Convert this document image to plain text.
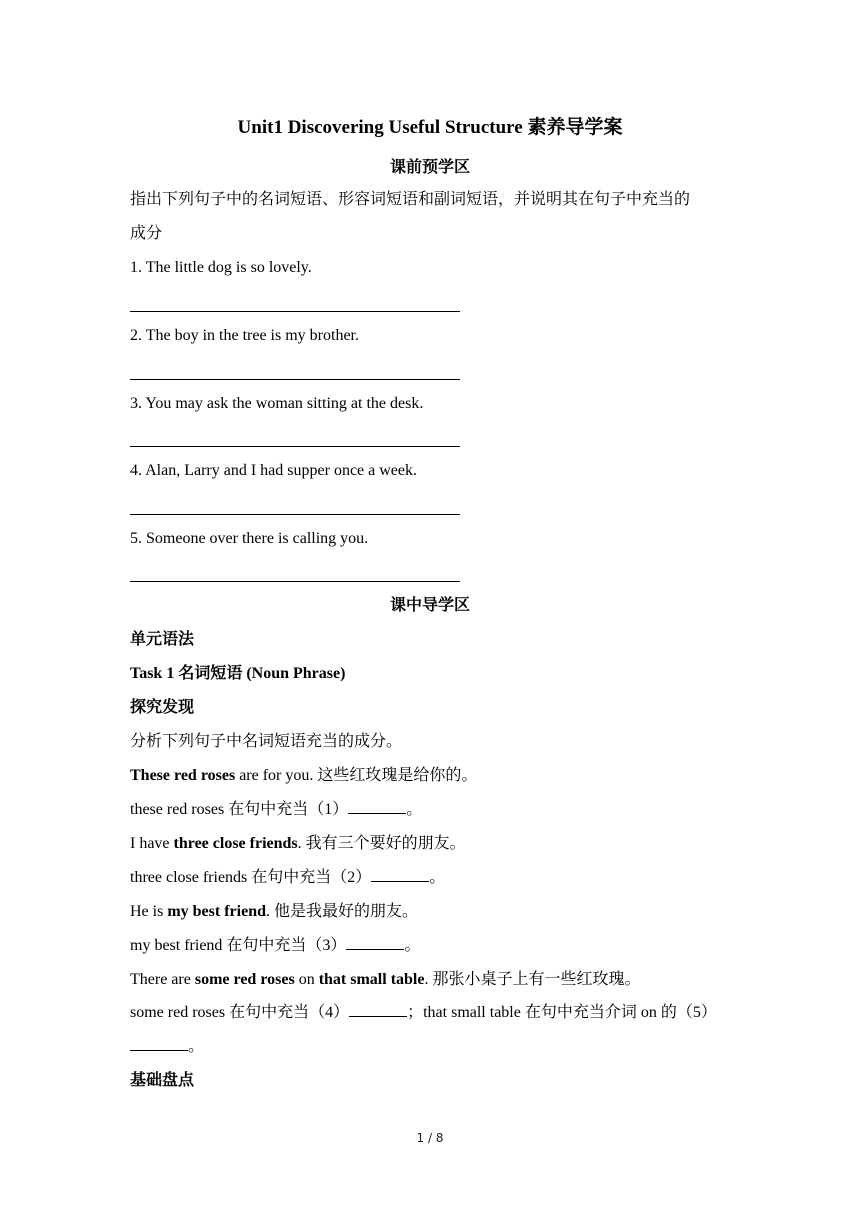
Unit1 Discovering Useful Structure 素养导学案
课前预学区
指出下列句子中的名词短语、形容词短语和副词短语，并说明其在句子中充当的
成分
1. The little dog is so lovely.
2. The boy in the tree is my brother.
3. You may ask the woman sitting at the desk.
4. Alan, Larry and I had supper once a week.
5. Someone over there is calling you.
课中导学区
单元语法
Task 1 名词短语 (Noun Phrase)
探究发现
分析下列句子中名词短语充当的成分。
These red roses are for you. 这些红玫瑰是给你的。
these red roses 在句中充当（1）	。
I have three close friends. 我有三个要好的朋友。
three close friends 在句中充当（2）	。
He is my best friend. 他是我最好的朋友。
my best friend 在句中充当（3）	。
There are some red roses on that small table. 那张小桌子上有一些红玫瑰。
some red roses 在句中充当（4）	；that small table 在句中充当介词 on 的（5）
。
基础盘点
1 / 8
